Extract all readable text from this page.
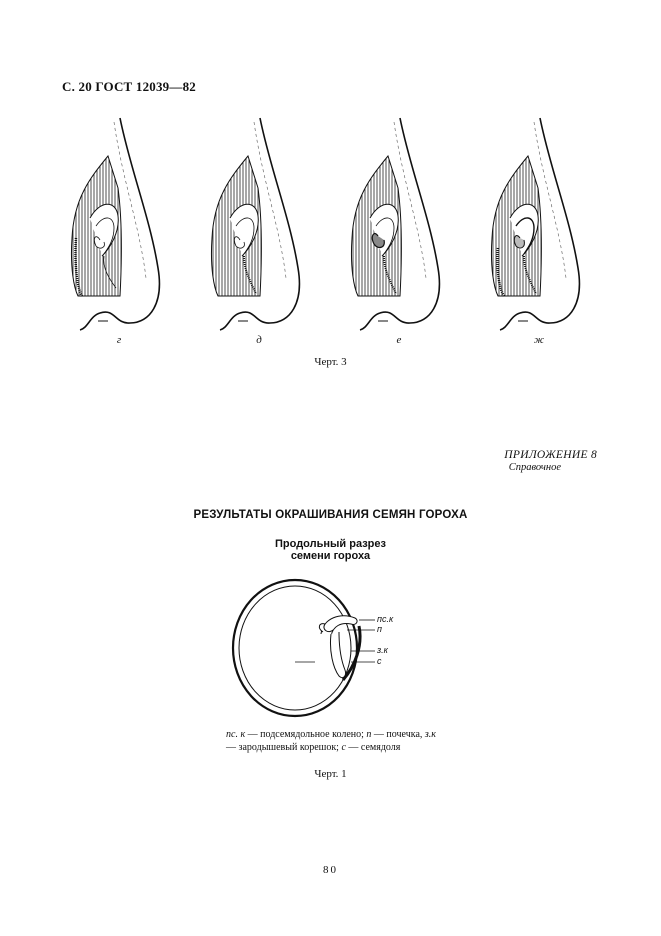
С. 20 ГОСТ 12039—82
г	д	е	ж
Черт. 3
ПРИЛОЖЕНИЕ 8
Справочное
РЕЗУЛЬТАТЫ ОКРАШИВАНИЯ СЕМЯН ГОРОХА
Продольный разрез
семени гороха
пс.к
п
з.к
с
пс. к — подсемядольное колено; п — почечка, з.к — зародышевый корешок; с — семядоля
Черт. 1
80
